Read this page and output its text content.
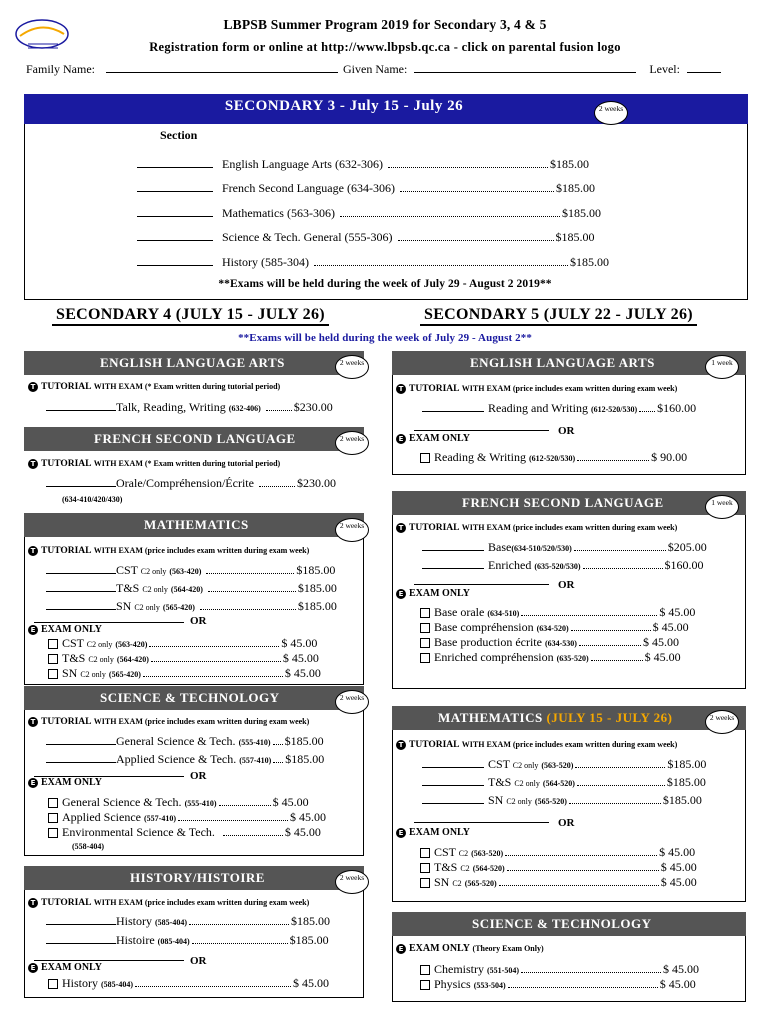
LBPSB Summer Program 2019 for Secondary 3, 4 & 5
Registration form or online at http://www.lbpsb.qc.ca - click on parental fusion logo
Family Name:	Given Name:	Level:
SECONDARY 3 - July 15 - July 26	2 weeks
Section
English Language Arts (632-306)	$185.00
French Second Language (634-306)	$185.00
Mathematics (563-306)	$185.00
Science & Tech. General (555-306)	$185.00
History (585-304)	$185.00
**Exams will be held during the week of July 29 - August 2 2019**
SECONDARY 4 (JULY 15 - JULY 26)	SECONDARY 5 (JULY 22 - JULY 26)
**Exams will be held during the week of July 29 - August 2**
ENGLISH LANGUAGE ARTS	2 weeks
T TUTORIAL WITH EXAM (* Exam written during tutorial period)
Talk, Reading, Writing (632-406)	$230.00
FRENCH SECOND LANGUAGE	2 weeks
T TUTORIAL WITH EXAM (* Exam written during tutorial period)
Orale/Compréhension/Écrite	$230.00
(634-410/420/430)
MATHEMATICS	2 weeks
T TUTORIAL WITH EXAM (price includes exam written during exam week)
CST C2 only (563-420)	$185.00
T&S C2 only (564-420)	$185.00
SN C2 only (565-420)	$185.00
OR
E EXAM ONLY
CST C2 only (563-420)	$ 45.00
T&S C2 only (564-420)	$ 45.00
SN C2 only (565-420)	$ 45.00
SCIENCE & TECHNOLOGY	2 weeks
T TUTORIAL WITH EXAM (price includes exam written during exam week)
General Science & Tech. (555-410) $185.00
Applied Science & Tech. (557-410) $185.00
OR
E EXAM ONLY
General Science & Tech. (555-410)	$ 45.00
Applied Science (557-410)	$ 45.00
Environmental Science & Tech.	$ 45.00
(558-404)
HISTORY/HISTOIRE	2 weeks
T TUTORIAL WITH EXAM (price includes exam written during exam week)
History (585-404)	$185.00
Histoire (085-404)	$185.00
OR
E EXAM ONLY
History (585-404)	$ 45.00
ENGLISH LANGUAGE ARTS	1 week
T TUTORIAL WITH EXAM (price includes exam written during exam week)
Reading and Writing (612-520/530) $160.00
OR
E EXAM ONLY
Reading & Writing (612-520/530)	$ 90.00
FRENCH SECOND LANGUAGE	1 week
T TUTORIAL WITH EXAM (price includes exam written during exam week)
Base(634-510/520/530)	$205.00
Enriched (635-520/530)	$160.00
OR
E EXAM ONLY
Base orale (634-510)	$ 45.00
Base compréhension (634-520)	$ 45.00
Base production écrite (634-530)	$ 45.00
Enriched compréhension (635-520)	$ 45.00
MATHEMATICS (JULY 15 - JULY 26)	2 weeks
T TUTORIAL WITH EXAM (price includes exam written during exam week)
CST C2 only (563-520)	$185.00
T&S C2 only (564-520)	$185.00
SN C2 only (565-520)	$185.00
OR
E EXAM ONLY
CST C2 (563-520)	$ 45.00
T&S C2 (564-520)	$ 45.00
SN C2 (565-520)	$ 45.00
SCIENCE & TECHNOLOGY
E EXAM ONLY (Theory Exam Only)
Chemistry (551-504)	$ 45.00
Physics (553-504)	$ 45.00
